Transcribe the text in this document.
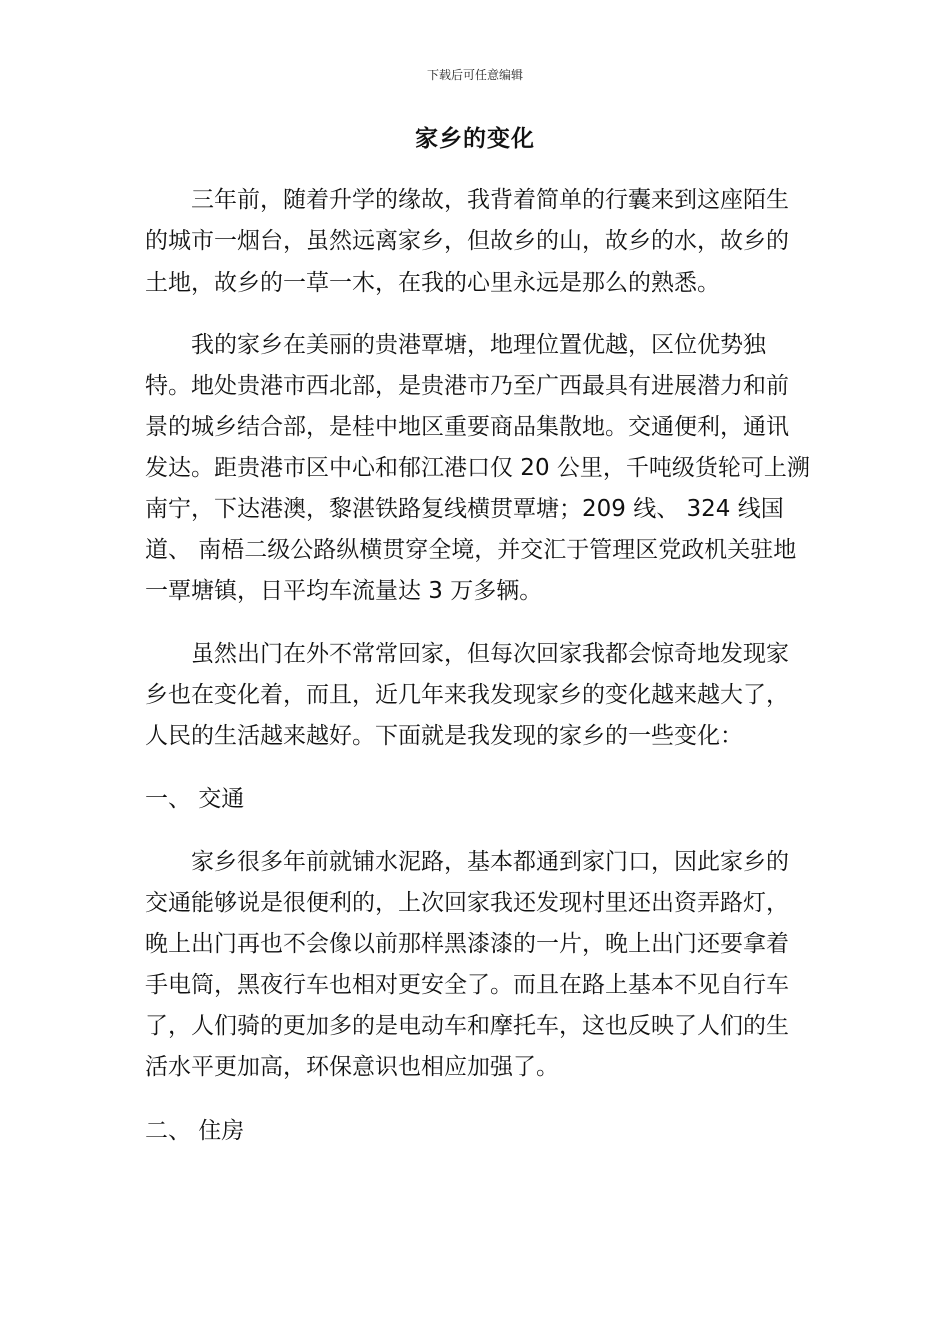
下载后可任意编辑
家乡的变化
三年前，随着升学的缘故，我背着简单的行囊来到这座陌生
的城市一烟台，虽然远离家乡，但故乡的山，故乡的水，故乡的
土地，故乡的一草一木，在我的心里永远是那么的熟悉。
我的家乡在美丽的贵港覃塘，地理位置优越，区位优势独
特。地处贵港市西北部，是贵港市乃至广西最具有进展潜力和前
景的城乡结合部，是桂中地区重要商品集散地。交通便利，通讯
发达。距贵港市区中心和郁江港口仅 20 公里，千吨级货轮可上溯
南宁，下达港澳，黎湛铁路复线横贯覃塘；209 线、 324 线国
道、 南梧二级公路纵横贯穿全境，并交汇于管理区党政机关驻地
一覃塘镇，日平均车流量达 3 万多辆。
虽然出门在外不常常回家，但每次回家我都会惊奇地发现家
乡也在变化着，而且，近几年来我发现家乡的变化越来越大了，
人民的生活越来越好。下面就是我发现的家乡的一些变化：
一、 交通
家乡很多年前就铺水泥路，基本都通到家门口，因此家乡的
交通能够说是很便利的，上次回家我还发现村里还出资弄路灯，
晚上出门再也不会像以前那样黑漆漆的一片，晚上出门还要拿着
手电筒，黑夜行车也相对更安全了。而且在路上基本不见自行车
了，人们骑的更加多的是电动车和摩托车，这也反映了人们的生
活水平更加高，环保意识也相应加强了。
二、 住房
